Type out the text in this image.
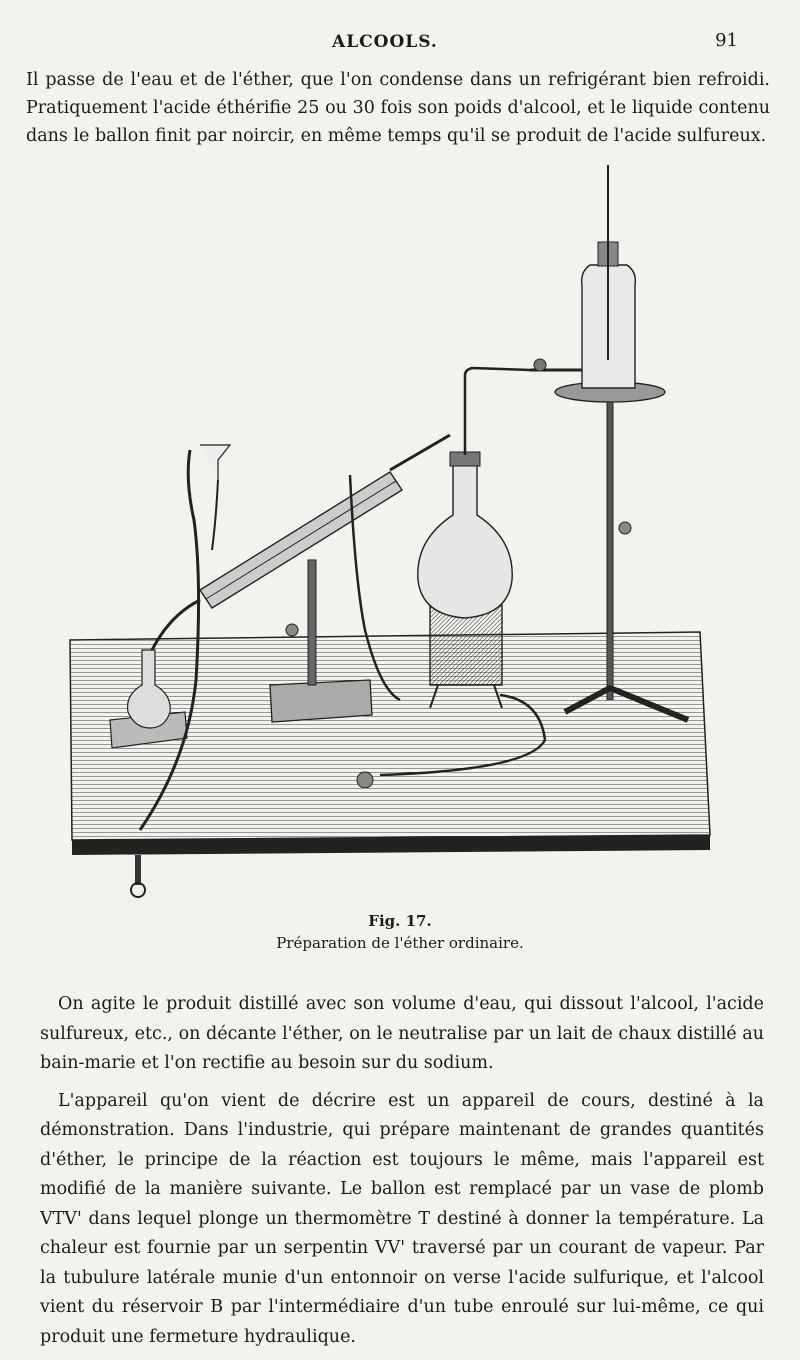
ALCOOLS.	91
Il passe de l'eau et de l'éther, que l'on condense dans un refrigérant bien refroidi. Pratiquement l'acide éthérifie 25 ou 30 fois son poids d'alcool, et le liquide contenu dans le ballon finit par noircir, en même temps qu'il se produit de l'acide sulfureux.
Fig. 17.
Préparation de l'éther ordinaire.

On agite le produit distillé avec son volume d'eau, qui dissout l'alcool, l'acide sulfureux, etc., on décante l'éther, on le neutralise par un lait de chaux distillé au bain-marie et l'on rectifie au besoin sur du sodium.

L'appareil qu'on vient de décrire est un appareil de cours, destiné à la démonstration. Dans l'industrie, qui prépare maintenant de grandes quantités d'éther, le principe de la réaction est toujours le même, mais l'appareil est modifié de la manière suivante. Le ballon est remplacé par un vase de plomb VTV' dans lequel plonge un thermomètre T destiné à donner la température. La chaleur est fournie par un serpentin VV' traversé par un courant de vapeur. Par la tubulure latérale munie d'un entonnoir on verse l'acide sulfurique, et l'alcool vient du réservoir B par l'intermédiaire d'un tube enroulé sur lui-même, ce qui produit une fermeture hydraulique.
